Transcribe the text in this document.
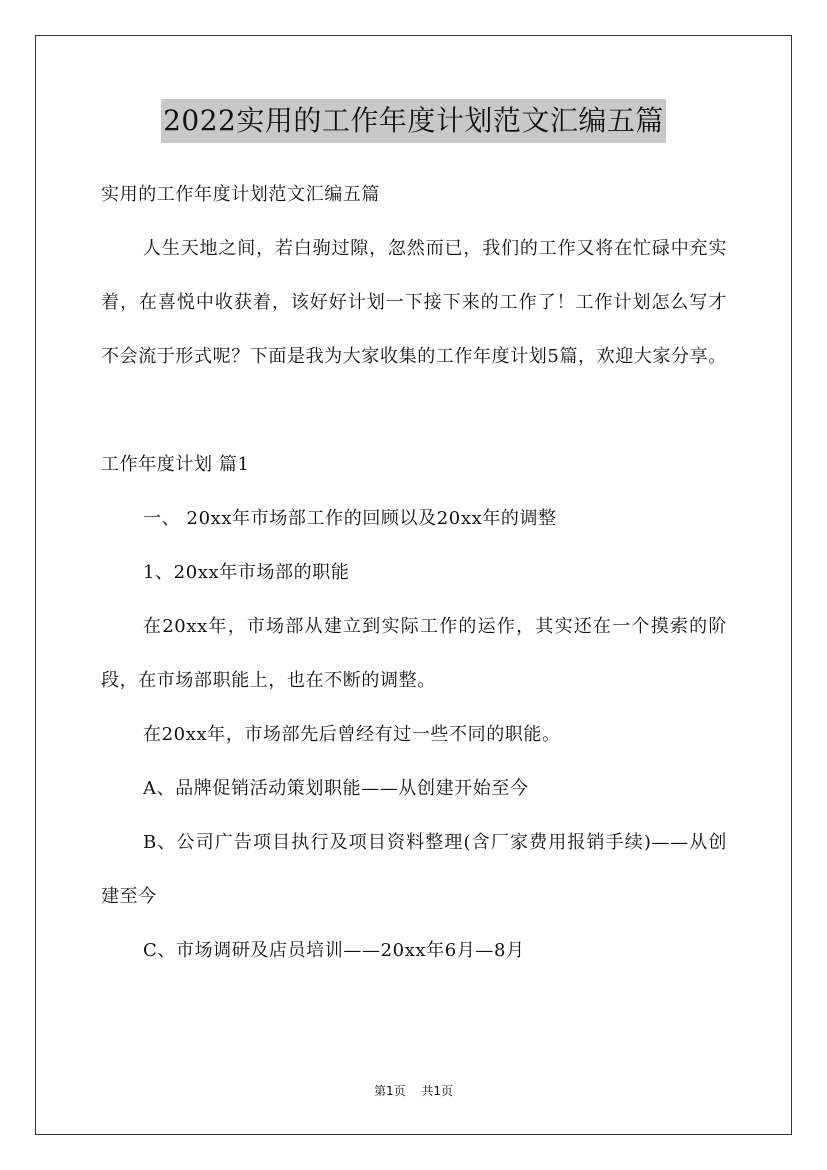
2022实用的工作年度计划范文汇编五篇

实用的工作年度计划范文汇编五篇

人生天地之间，若白驹过隙，忽然而已，我们的工作又将在忙碌中充实着，在喜悦中收获着，该好好计划一下接下来的工作了！工作计划怎么写才不会流于形式呢？下面是我为大家收集的工作年度计划5篇，欢迎大家分享。

工作年度计划 篇1

一、 20xx年市场部工作的回顾以及20xx年的调整

1、20xx年市场部的职能

在20xx年，市场部从建立到实际工作的运作，其实还在一个摸索的阶段，在市场部职能上，也在不断的调整。

在20xx年，市场部先后曾经有过一些不同的职能。

A、品牌促销活动策划职能——从创建开始至今

B、公司广告项目执行及项目资料整理(含厂家费用报销手续)——从创建至今

C、市场调研及店员培训——20xx年6月—8月

第1页 共1页
